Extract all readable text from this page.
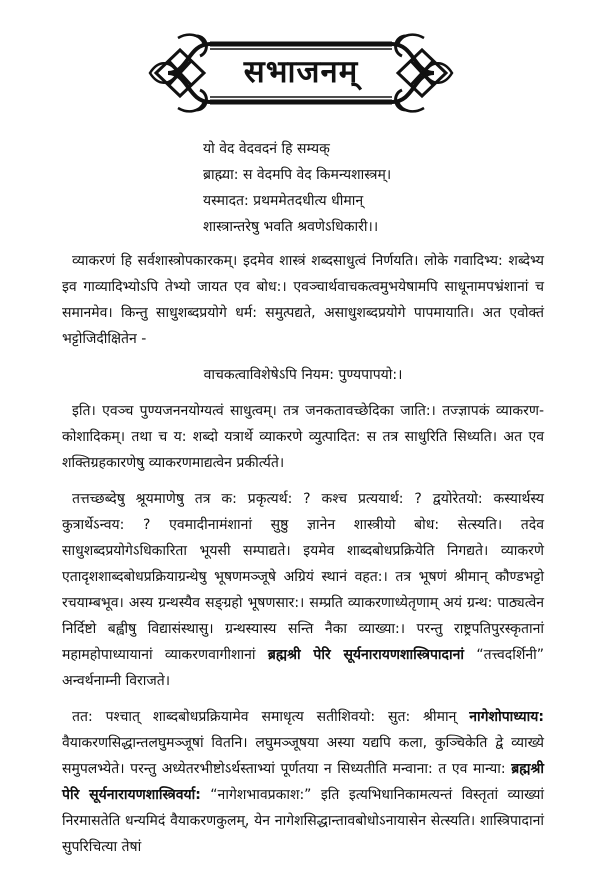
सभाजनम्
यो वेद वेदवदनं हि सम्यक्
ब्राह्म्या: स वेदमपि वेद किमन्यशास्त्रम्।
यस्मादत: प्रथममेतदधीत्य धीमान्
शास्त्रान्तरेषु भवति श्रवणेऽधिकारी।।

व्याकरणं हि सर्वशास्त्रोपकारकम्। इदमेव शास्त्रं शब्दसाधुत्वं निर्णयति। लोके गवादिभ्य: शब्देभ्य इव गाव्यादिभ्योऽपि तेभ्यो जायत एव बोध:। एवञ्चार्थवाचकत्वमुभयेषामपि साधूनामपभ्रंशानां च समानमेव। किन्तु साधुशब्दप्रयोगे धर्म: समुत्पद्यते, असाधुशब्दप्रयोगे पापमायाति। अत एवोक्तं भट्टोजिदीक्षितेन -

वाचकत्वाविशेषेऽपि नियम: पुण्यपापयो:।

इति। एवञ्च पुण्यजननयोग्यत्वं साधुत्वम्। तत्र जनकतावच्छेदिका जाति:। तज्ज्ञापकं व्याकरण-कोशादिकम्। तथा च य: शब्दो यत्रार्थे व्याकरणे व्युत्पादित: स तत्र साधुरिति सिध्यति। अत एव शक्तिग्रहकारणेषु व्याकरणमाद्यत्वेन प्रकीर्त्यते।

तत्तच्छब्देषु श्रूयमाणेषु तत्र क: प्रकृत्यर्थ: ? कश्च प्रत्ययार्थ: ? द्वयोरेतयो: कस्यार्थस्य कुत्रार्थेऽन्वय: ? एवमादीनामंशानां सुष्ठु ज्ञानेन शास्त्रीयो बोध: सेत्स्यति। तदेव साधुशब्दप्रयोगेऽधिकारिता भूयसी सम्पाद्यते। इयमेव शाब्दबोधप्रक्रियेति निगद्यते। व्याकरणे एतादृशशाब्दबोधप्रक्रियाग्रन्थेषु भूषणमञ्जूषे अग्रियं स्थानं वहत:। तत्र भूषणं श्रीमान् कौण्डभट्टो रचयाम्बभूव। अस्य ग्रन्थस्यैव सङ्ग्रहो भूषणसार:। सम्प्रति व्याकरणाध्येतृणाम् अयं ग्रन्थ: पाठ्यत्वेन निर्दिष्टो बह्वीषु विद्यासंस्थासु। ग्रन्थस्यास्य सन्ति नैका व्याख्या:। परन्तु राष्ट्रपतिपुरस्कृतानां महामहोपाध्यायानां व्याकरणवागीशानां ब्रह्मश्री पेरि सूर्यनारायणशास्त्रिपादानां “तत्त्वदर्शिनी” अन्वर्थनाम्नी विराजते।

तत: पश्चात् शाब्दबोधप्रक्रियामेव समाधृत्य सतीशिवयो: सुत: श्रीमान् नागेशोपाध्याय: वैयाकरणसिद्धान्तलघुमञ्जूषां वितनि। लघुमञ्जूषया अस्या यद्यपि कला, कुञ्चिकेति द्वे व्याख्ये समुपलभ्येते। परन्तु अध्येतरभीष्टोऽर्थस्ताभ्यां पूर्णतया न सिध्यतीति मन्वाना: त एव मान्या: ब्रह्मश्री पेरि सूर्यनारायणशास्त्रिवर्या: “नागेशभावप्रकाश:” इति इत्यभिधानिकामत्यन्तं विस्तृतां व्याख्यां निरमासतेति धन्यमिदं वैयाकरणकुलम्, येन नागेशसिद्धान्तावबोधोऽनायासेन सेत्स्यति। शास्त्रिपादानां सुपरिचित्या तेषां
